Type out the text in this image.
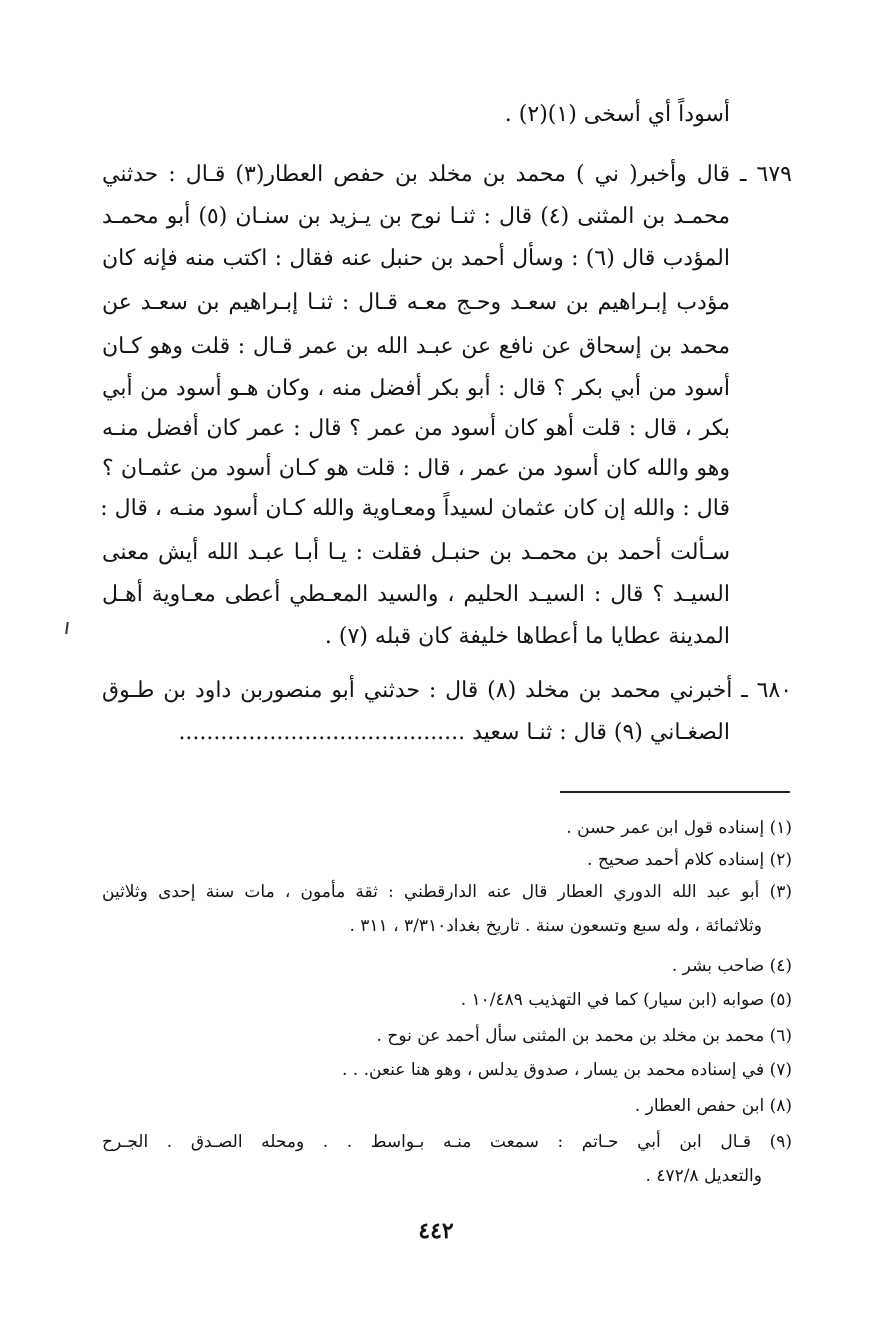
أسوداً أي أسخى (١)(٢) .
٦٧٩ ـ قال وأخبر( ني ) محمد بن مخلد بن حفص العطار(٣) قـال : حدثني
محمـد بن المثنى (٤) قال : ثنـا نوح بن يـزيد بن سنـان (٥) أبو محمـد
المؤدب قال (٦) : وسأل أحمد بن حنبل عنه فقال : اكتب منه فإنه كان
مؤدب إبـراهيم بن سعـد وحـج معـه قـال : ثنـا إبـراهيم بن سعـد عن
محمد بن إسحاق عن نافع عن عبـد الله بن عمر قـال : قلت وهو كـان
أسود من أبي بكر ؟ قال : أبو بكر أفضل منه ، وكان هـو أسود من أبي
بكر ، قال : قلت أهو كان أسود من عمر ؟ قال : عمر كان أفضل منـه
وهو والله كان أسود من عمر ، قال : قلت هو كـان أسود من عثمـان ؟
قال : والله إن كان عثمان لسيداً ومعـاوية والله كـان أسود منـه ، قال :
سـألت أحمد بن محمـد بن حنبـل فقلت : يـا أبـا عبـد الله أيش معنى
السيـد ؟ قال : السيـد الحليم ، والسيد المعـطي أعطى معـاوية أهـل
المدينة عطايا ما أعطاها خليفة كان قبله (٧) .
٦٨٠ ـ أخبرني محمد بن مخلد (٨) قال : حدثني أبو منصوربن داود بن طـوق
الصغـاني (٩) قال : ثنـا سعيد .........................................
(١) إسناده قول ابن عمر حسن .
(٢) إسناده كلام أحمد صحيح .
(٣) أبو عبد الله الدوري العطار قال عنه الدارقطني : ثقة مأمون ، مات سنة إحدى وثلاثين
وثلاثمائة ، وله سبع وتسعون سنة . تاريخ بغداد٣/٣١٠ ، ٣١١ .
(٤) صاحب بشر .
(٥) صوابه (ابن سيار) كما في التهذيب ١٠/٤٨٩ .
(٦) محمد بن مخلد بن محمد بن المثنى سأل أحمد عن نوح .
(٧) في إسناده محمد بن يسار ، صدوق يدلس ، وهو هنا عنعن. . .
(٨) ابن حفص العطار .
(٩) قـال ابن أبي حـاتم : سمعت منـه بـواسط . . ومحله الصـدق . الجـرح
والتعديل ٤٧٢/٨ .
٤٤٢
